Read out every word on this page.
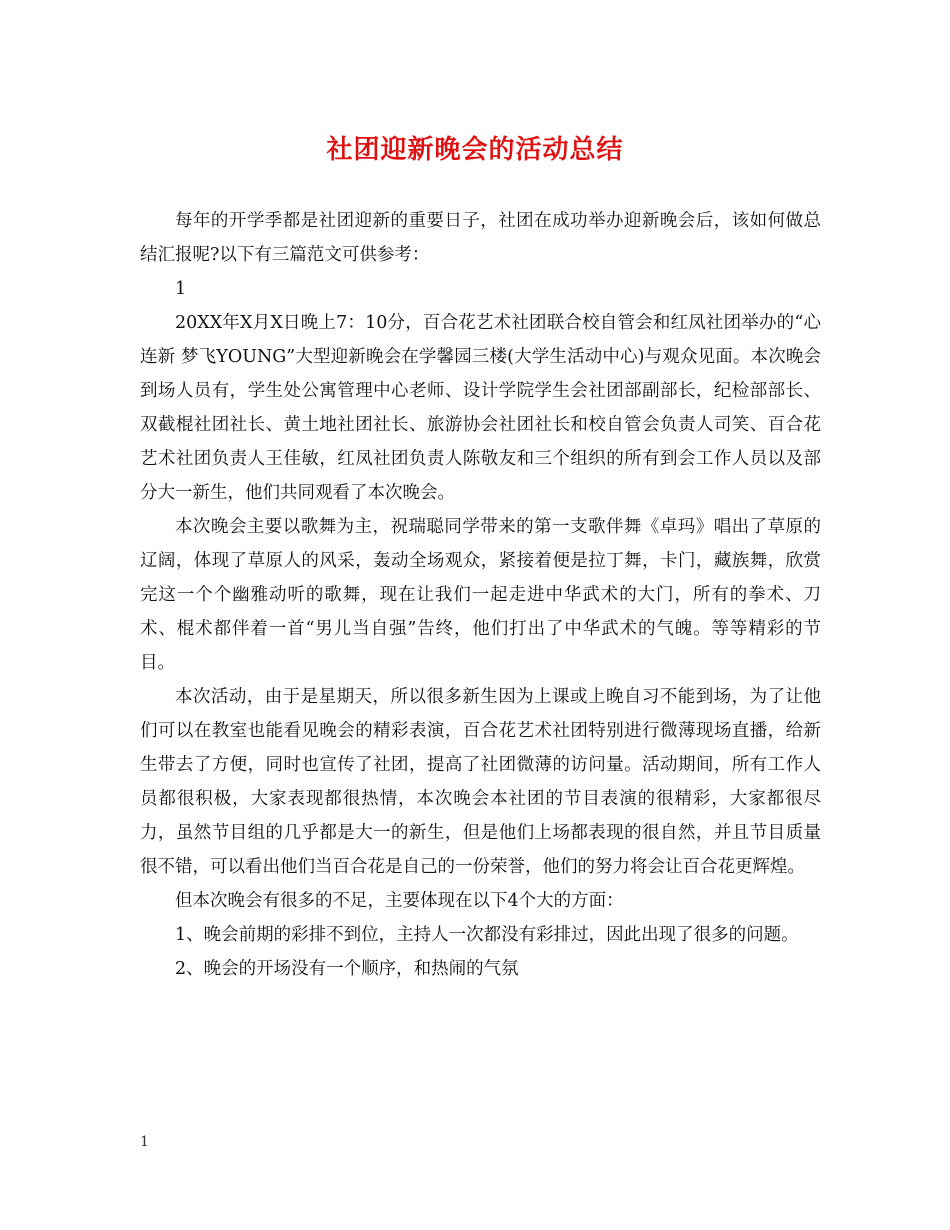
社团迎新晚会的活动总结

每年的开学季都是社团迎新的重要日子，社团在成功举办迎新晚会后，该如何做总结汇报呢?以下有三篇范文可供参考：

1

20XX年X月X日晚上7：10分，百合花艺术社团联合校自管会和红凤社团举办的“心连新 梦飞YOUNG”大型迎新晚会在学馨园三楼(大学生活动中心)与观众见面。本次晚会到场人员有，学生处公寓管理中心老师、设计学院学生会社团部副部长，纪检部部长、双截棍社团社长、黄土地社团社长、旅游协会社团社长和校自管会负责人司笑、百合花艺术社团负责人王佳敏，红凤社团负责人陈敬友和三个组织的所有到会工作人员以及部分大一新生，他们共同观看了本次晚会。

本次晚会主要以歌舞为主，祝瑞聪同学带来的第一支歌伴舞《卓玛》唱出了草原的辽阔，体现了草原人的风采，轰动全场观众，紧接着便是拉丁舞，卡门，藏族舞，欣赏完这一个个幽雅动听的歌舞，现在让我们一起走进中华武术的大门，所有的拳术、刀术、棍术都伴着一首“男儿当自强”告终，他们打出了中华武术的气魄。等等精彩的节目。

本次活动，由于是星期天，所以很多新生因为上课或上晚自习不能到场，为了让他们可以在教室也能看见晚会的精彩表演，百合花艺术社团特别进行微薄现场直播，给新生带去了方便，同时也宣传了社团，提高了社团微薄的访问量。活动期间，所有工作人员都很积极，大家表现都很热情，本次晚会本社团的节目表演的很精彩，大家都很尽力，虽然节目组的几乎都是大一的新生，但是他们上场都表现的很自然，并且节目质量很不错，可以看出他们当百合花是自己的一份荣誉，他们的努力将会让百合花更辉煌。

但本次晚会有很多的不足，主要体现在以下4个大的方面：

1、晚会前期的彩排不到位，主持人一次都没有彩排过，因此出现了很多的问题。

2、晚会的开场没有一个顺序，和热闹的气氛

1
